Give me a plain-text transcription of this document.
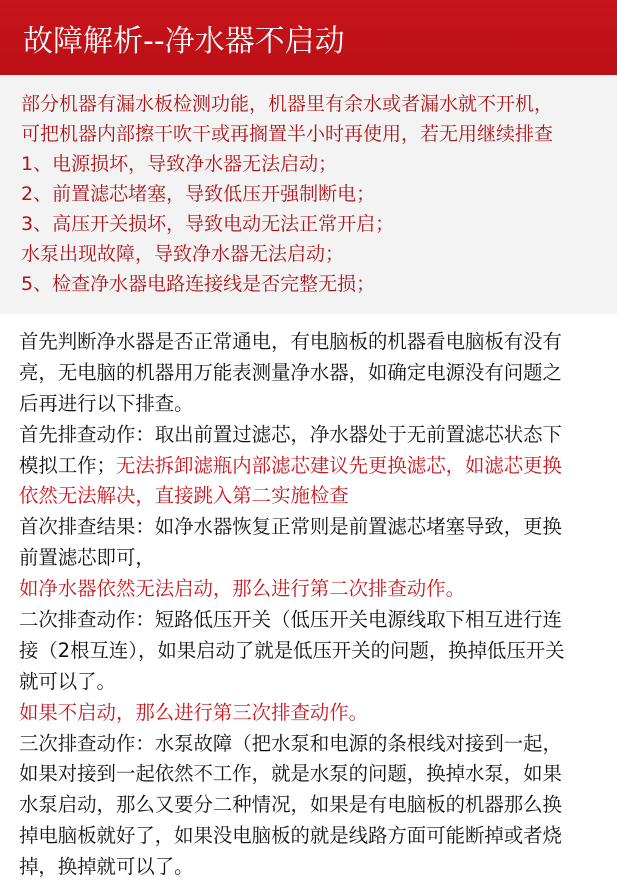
故障解析--净水器不启动
部分机器有漏水板检测功能，机器里有余水或者漏水就不开机，
可把机器内部擦干吹干或再搁置半小时再使用，若无用继续排查
1、电源损坏，导致净水器无法启动；
2、前置滤芯堵塞，导致低压开强制断电；
3、高压开关损坏，导致电动无法正常开启；
水泵出现故障，导致净水器无法启动；
5、检查净水器电路连接线是否完整无损；
首先判断净水器是否正常通电，有电脑板的机器看电脑板有没有
亮，无电脑的机器用万能表测量净水器，如确定电源没有问题之
后再进行以下排查。
首先排查动作：取出前置过滤芯，净水器处于无前置滤芯状态下
模拟工作；无法拆卸滤瓶内部滤芯建议先更换滤芯，如滤芯更换
依然无法解决，直接跳入第二实施检查
首次排查结果：如净水器恢复正常则是前置滤芯堵塞导致，更换
前置滤芯即可，
如净水器依然无法启动，那么进行第二次排查动作。
二次排查动作：短路低压开关（低压开关电源线取下相互进行连
接（2根互连），如果启动了就是低压开关的问题，换掉低压开关
就可以了。
如果不启动，那么进行第三次排查动作。
三次排查动作：水泵故障（把水泵和电源的条根线对接到一起，
如果对接到一起依然不工作，就是水泵的问题，换掉水泵，如果
水泵启动，那么又要分二种情况，如果是有电脑板的机器那么换
掉电脑板就好了，如果没电脑板的就是线路方面可能断掉或者烧
掉，换掉就可以了。
